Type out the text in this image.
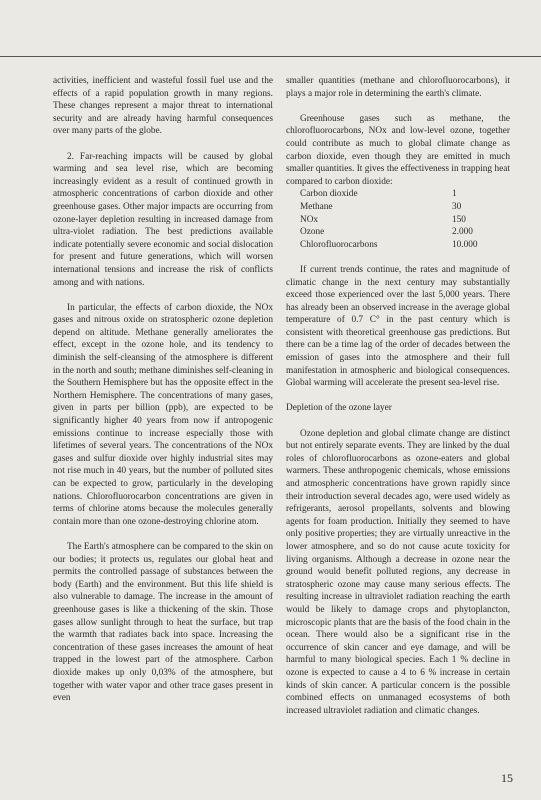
activities, inefficient and wasteful fossil fuel use and the effects of a rapid population growth in many regions. These changes represent a major threat to international security and are already having harmful consequences over many parts of the globe.

2. Far-reaching impacts will be caused by global warming and sea level rise, which are becoming increasingly evident as a result of continued growth in atmospheric concentrations of carbon dioxide and other greenhouse gases. Other major impacts are occurring from ozone-layer depletion resulting in increased damage from ultra-violet radiation. The best predictions available indicate potentially severe economic and social dislocation for present and future generations, which will worsen international tensions and increase the risk of conflicts among and with nations.

In particular, the effects of carbon dioxide, the NOx gases and nitrous oxide on stratospheric ozone depletion depend on altitude. Methane generally ameliorates the effect, except in the ozone hole, and its tendency to diminish the self-cleansing of the atmosphere is different in the north and south; methane diminishes self-cleaning in the Southern Hemisphere but has the opposite effect in the Northern Hemisphere. The concentrations of many gases, given in parts per billion (ppb), are expected to be significantly higher 40 years from now if antropogenic emissions continue to increase especially those with lifetimes of several years. The concentrations of the NOx gases and sulfur dioxide over highly industrial sites may not rise much in 40 years, but the number of polluted sites can be expected to grow, particularly in the developing nations. Chlorofluorocarbon concentrations are given in terms of chlorine atoms because the molecules generally contain more than one ozone-destroying chlorine atom.

The Earth's atmosphere can be compared to the skin on our bodies; it protects us, regulates our global heat and permits the controlled passage of substances between the body (Earth) and the environment. But this life shield is also vulnerable to damage. The increase in the amount of greenhouse gases is like a thickening of the skin. Those gases allow sunlight through to heat the surface, but trap the warmth that radiates back into space. Increasing the concentration of these gases increases the amount of heat trapped in the lowest part of the atmosphere. Carbon dioxide makes up only 0,03% of the atmosphere, but together with water vapor and other trace gases present in even

smaller quantities (methane and chlorofluorocarbons), it plays a major role in determining the earth's climate.

Greenhouse gases such as methane, the chlorofluorocarbons, NOx and low-level ozone, together could contribute as much to global climate change as carbon dioxide, even though they are emitted in much smaller quantities. It gives the effectiveness in trapping heat compared to carbon dioxide:

Carbon dioxide	1
Methane	30
NOx	150
Ozone	2.000
Chlorofluorocarbons	10.000

If current trends continue, the rates and magnitude of climatic change in the next century may substantially exceed those experienced over the last 5,000 years. There has already been an observed increase in the average global temperature of 0.7 C° in the past century which is consistent with theoretical greenhouse gas predictions. But there can be a time lag of the order of decades between the emission of gases into the atmosphere and their full manifestation in atmospheric and biological consequences. Global warming will accelerate the present sea-level rise.

Depletion of the ozone layer

Ozone depletion and global climate change are distinct but not entirely separate events. They are linked by the dual roles of chlorofluorocarbons as ozone-eaters and global warmers. These anthropogenic chemicals, whose emissions and atmospheric concentrations have grown rapidly since their introduction several decades ago, were used widely as refrigerants, aerosol propellants, solvents and blowing agents for foam production. Initially they seemed to have only positive properties; they are virtually unreactive in the lower atmosphere, and so do not cause acute toxicity for living organisms. Although a decrease in ozone near the ground would benefit polluted regions, any decrease in stratospheric ozone may cause many serious effects. The resulting increase in ultraviolet radiation reaching the earth would be likely to damage crops and phytoplancton, microscopic plants that are the basis of the food chain in the ocean. There would also be a significant rise in the occurrence of skin cancer and eye damage, and will be harmful to many biological species. Each 1 % decline in ozone is expected to cause a 4 to 6 % increase in certain kinds of skin cancer. A particular concern is the possible combined effects on unmanaged ecosystems of both increased ultraviolet radiation and climatic changes.

15
